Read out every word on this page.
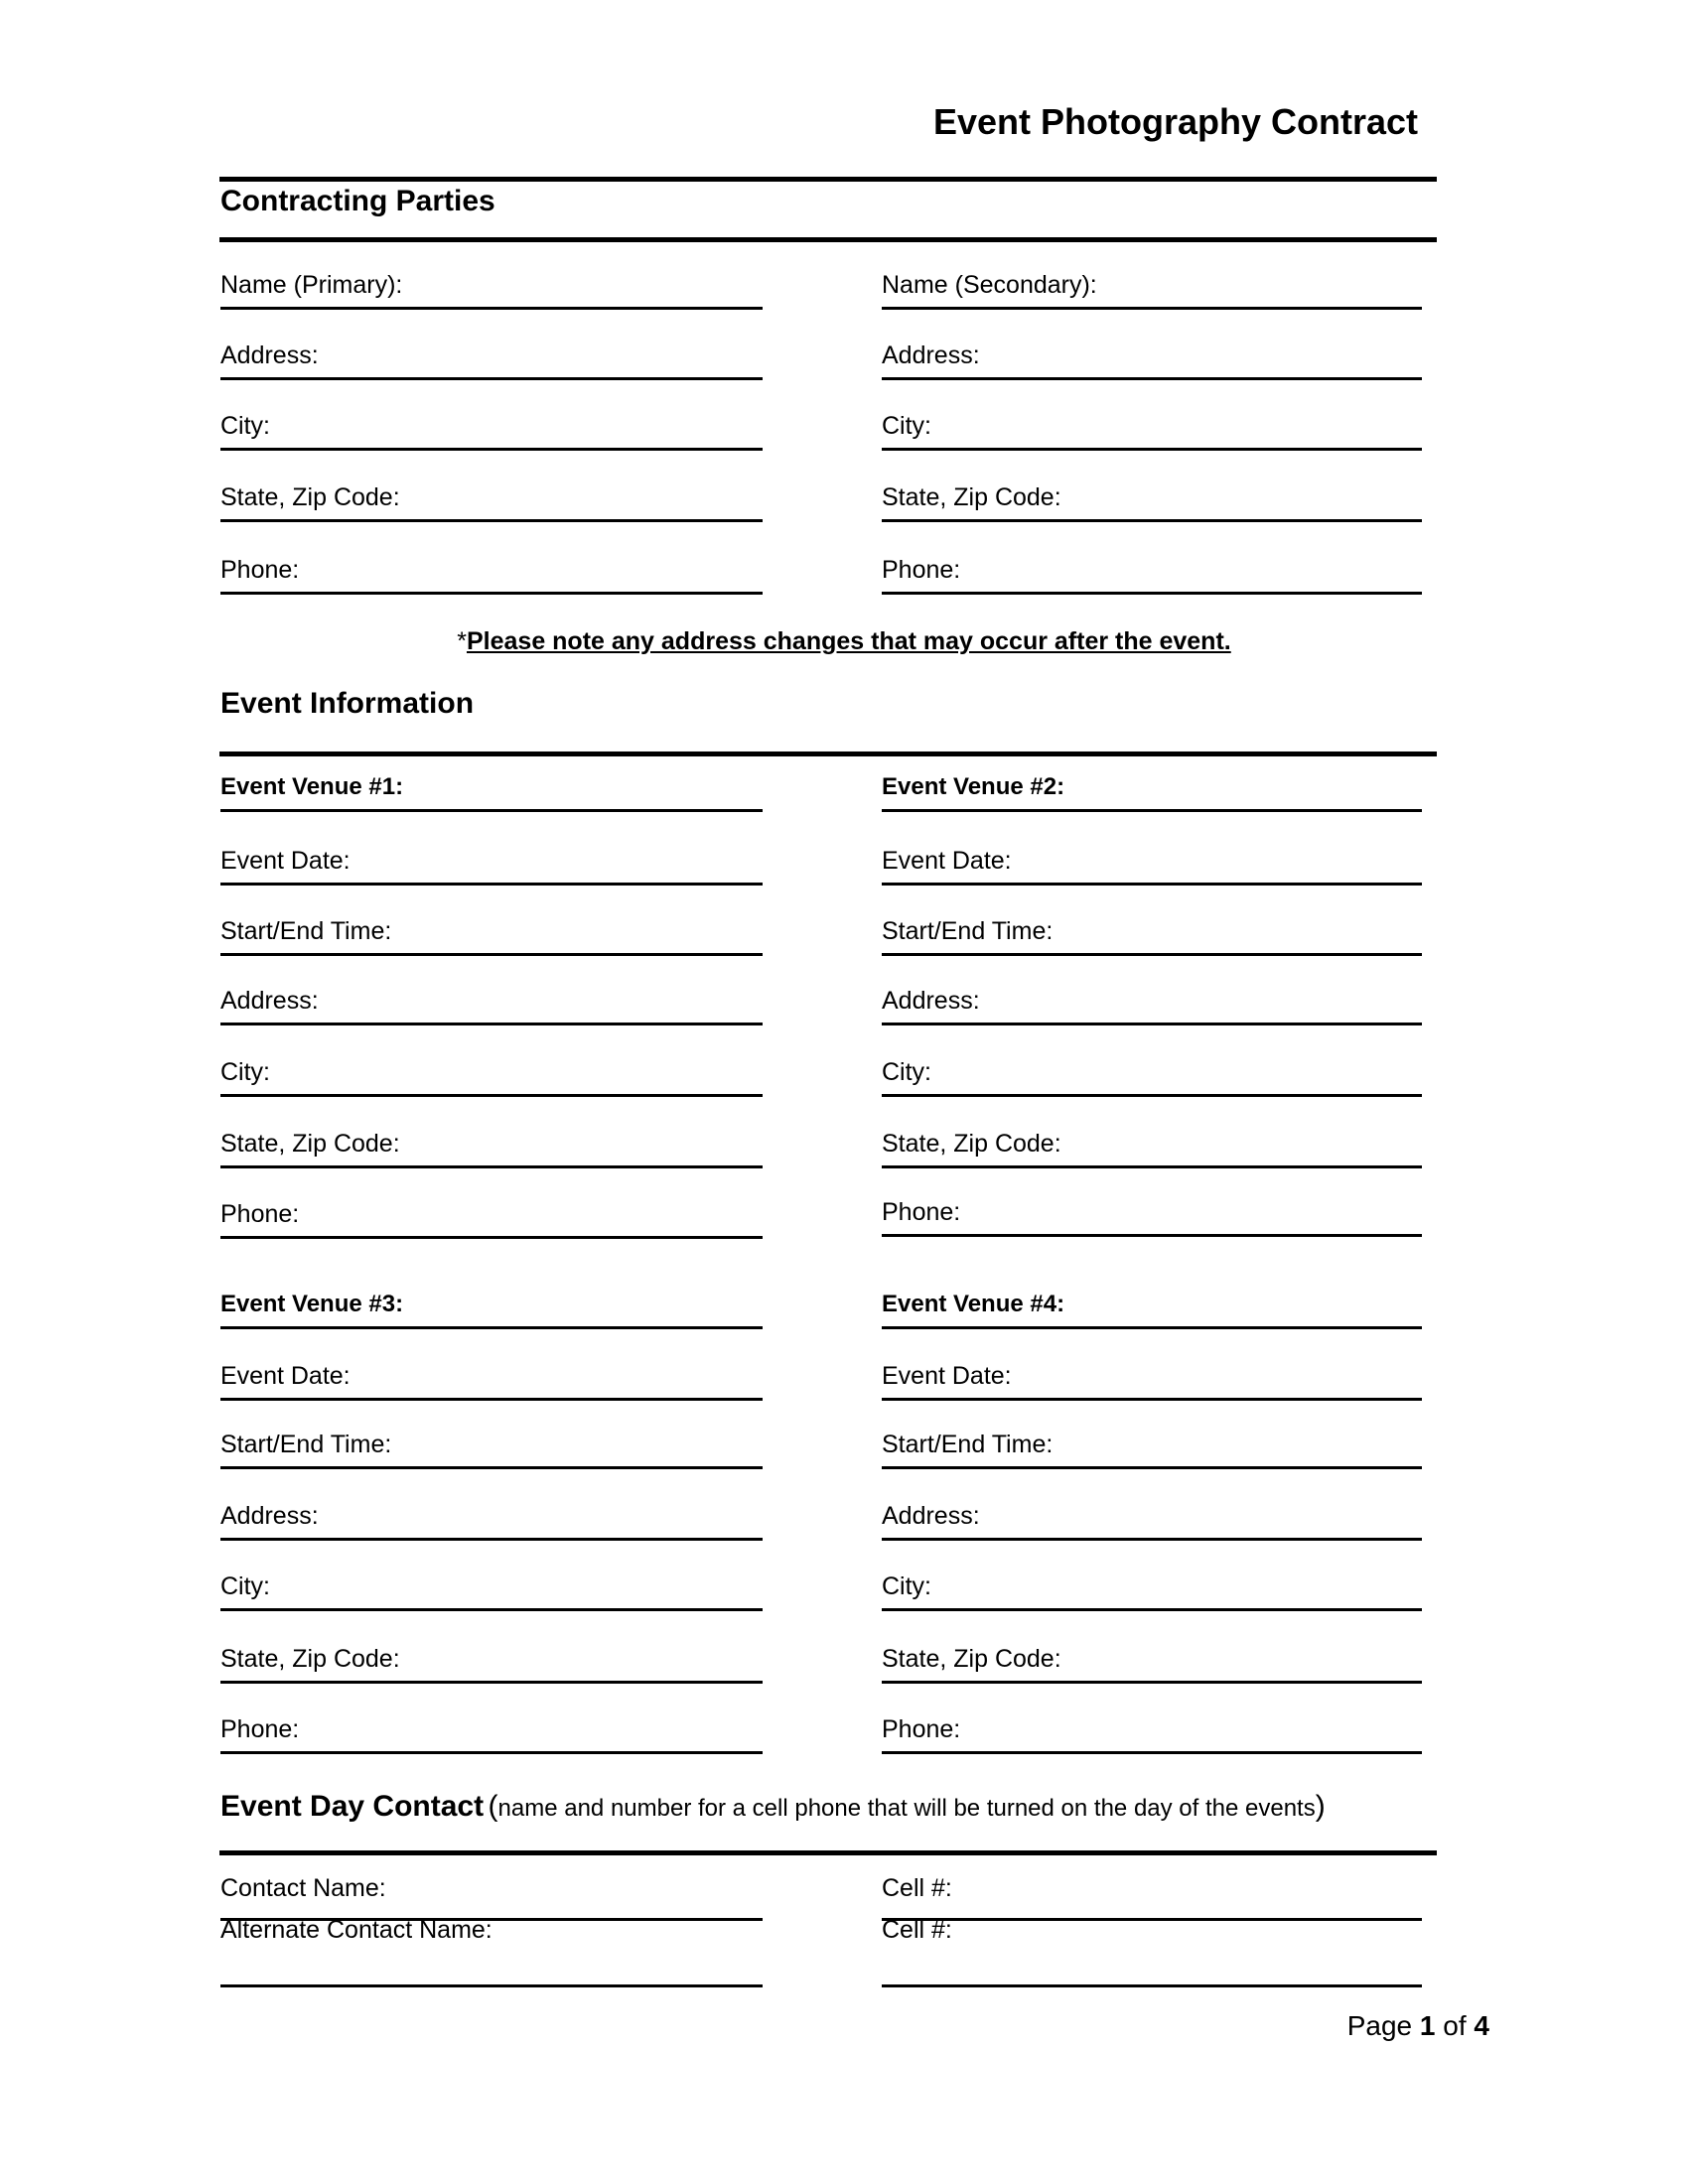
Event Photography Contract
Contracting Parties
Name (Primary):
Address:
City:
State, Zip Code:
Phone:
Name (Secondary):
Address:
City:
State, Zip Code:
Phone:
*Please note any address changes that may occur after the event.
Event Information
Event Venue #1:
Event Date:
Start/End Time:
Address:
City:
State, Zip Code:
Phone:
Event Venue #2:
Event Date:
Start/End Time:
Address:
City:
State, Zip Code:
Phone:
Event Venue #3:
Event Date:
Start/End Time:
Address:
City:
State, Zip Code:
Phone:
Event Venue #4:
Event Date:
Start/End Time:
Address:
City:
State, Zip Code:
Phone:
Event Day Contact (name and number for a cell phone that will be turned on the day of the events)
Contact Name:	Cell #:
Alternate Contact Name:	Cell #:
Page 1 of 4
